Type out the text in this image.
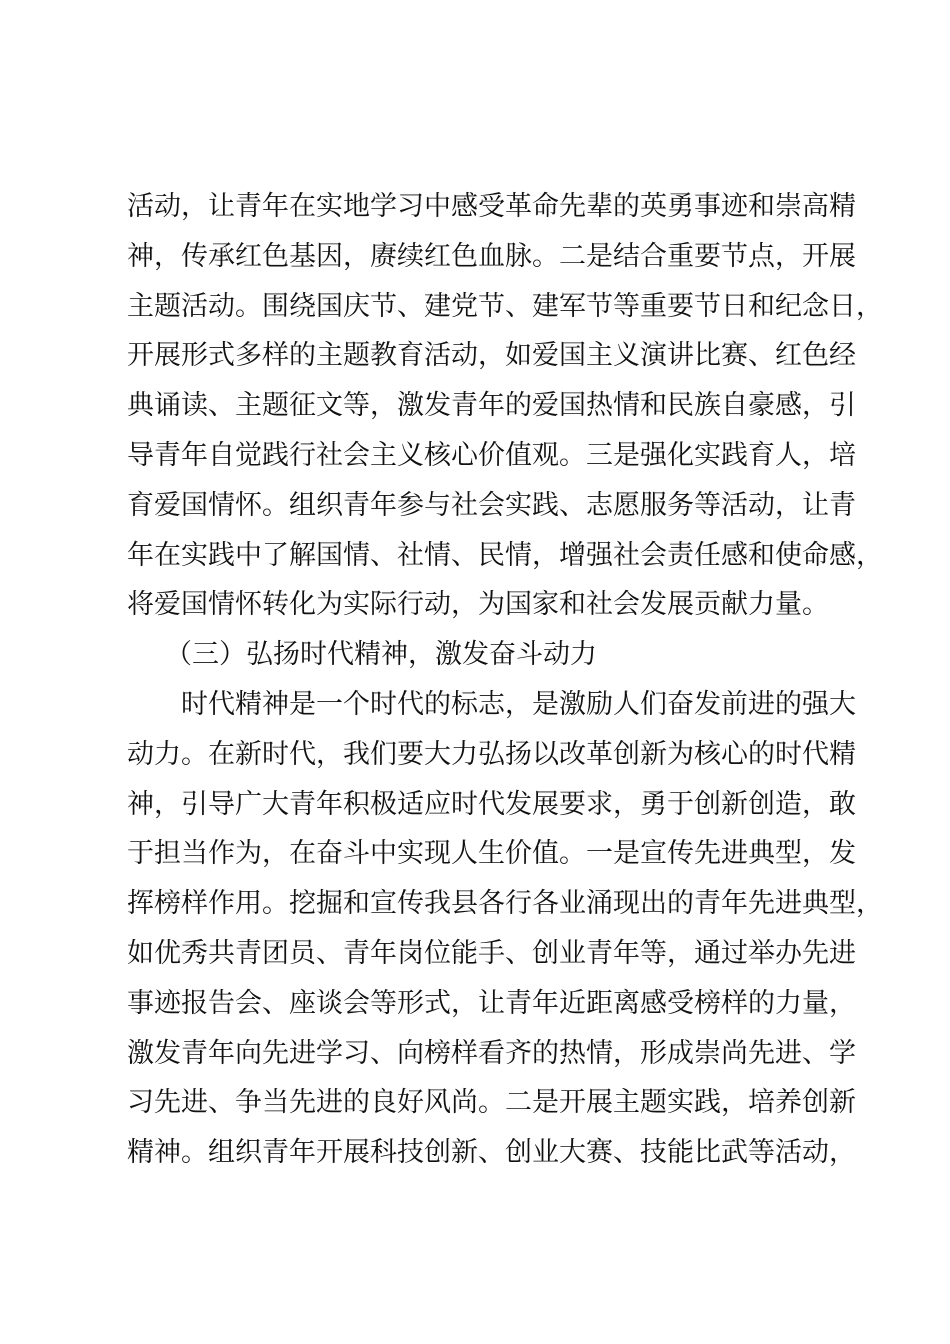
活动，让青年在实地学习中感受革命先辈的英勇事迹和崇高精
神，传承红色基因，赓续红色血脉。二是结合重要节点，开展
主题活动。围绕国庆节、建党节、建军节等重要节日和纪念日，
开展形式多样的主题教育活动，如爱国主义演讲比赛、红色经
典诵读、主题征文等，激发青年的爱国热情和民族自豪感，引
导青年自觉践行社会主义核心价值观。三是强化实践育人，培
育爱国情怀。组织青年参与社会实践、志愿服务等活动，让青
年在实践中了解国情、社情、民情，增强社会责任感和使命感，
将爱国情怀转化为实际行动，为国家和社会发展贡献力量。
（三）弘扬时代精神，激发奋斗动力
时代精神是一个时代的标志，是激励人们奋发前进的强大
动力。在新时代，我们要大力弘扬以改革创新为核心的时代精
神，引导广大青年积极适应时代发展要求，勇于创新创造，敢
于担当作为，在奋斗中实现人生价值。一是宣传先进典型，发
挥榜样作用。挖掘和宣传我县各行各业涌现出的青年先进典型，
如优秀共青团员、青年岗位能手、创业青年等，通过举办先进
事迹报告会、座谈会等形式，让青年近距离感受榜样的力量，
激发青年向先进学习、向榜样看齐的热情，形成崇尚先进、学
习先进、争当先进的良好风尚。二是开展主题实践，培养创新
精神。组织青年开展科技创新、创业大赛、技能比武等活动，
